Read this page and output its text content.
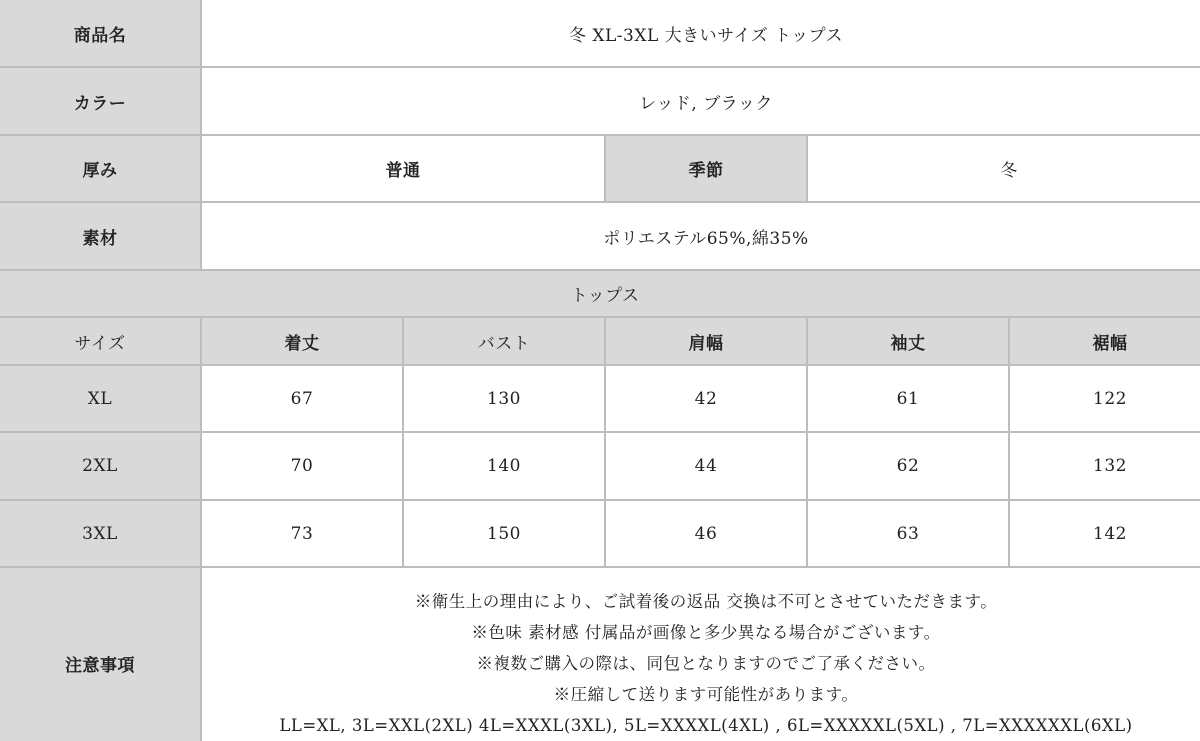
商品名	冬 XL-3XL 大きいサイズ トップス
カラー	レッド, ブラック
厚み	普通	季節	冬
素材	ポリエステル65%,綿35%
トップス
サイズ	着丈	バスト	肩幅	袖丈	裾幅
XL	67	130	42	61	122
2XL	70	140	44	62	132
3XL	73	150	46	63	142
注意事項
※衛生上の理由により、ご試着後の返品 交換は不可とさせていただきます。
※色味 素材感 付属品が画像と多少異なる場合がございます。
※複数ご購入の際は、同包となりますのでご了承ください。
※圧縮して送ります可能性があります。
LL=XL, 3L=XXL(2XL) 4L=XXXL(3XL), 5L=XXXXL(4XL) , 6L=XXXXXL(5XL) , 7L=XXXXXXL(6XL)
